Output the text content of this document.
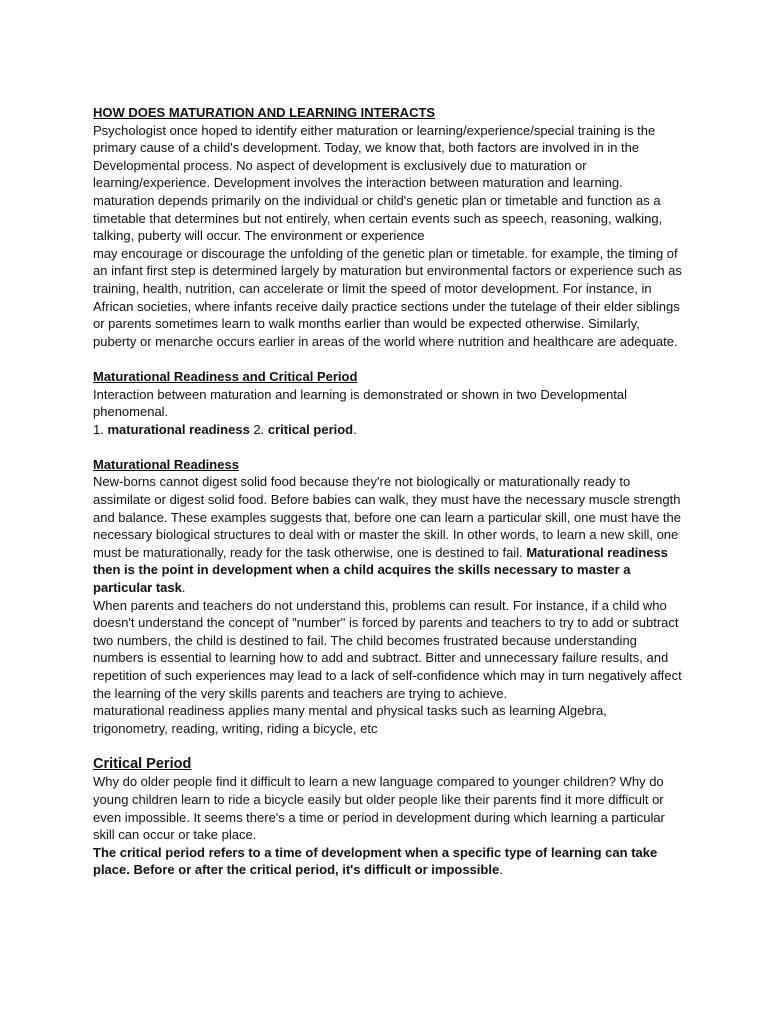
HOW DOES MATURATION AND LEARNING INTERACTS

Psychologist once hoped to identify either maturation or learning/experience/special training is the primary cause of a child's development. Today, we know that, both factors are involved in in the Developmental process. No aspect of development is exclusively due to maturation or learning/experience. Development involves the interaction between maturation and learning.

maturation depends primarily on the individual or child's genetic plan or timetable and function as a timetable that determines but not entirely, when certain events such as speech, reasoning, walking, talking, puberty will occur. The environment or experience

may encourage or discourage the unfolding of the genetic plan or timetable. for example, the timing of an infant first step is determined largely by maturation but environmental factors or experience such as training, health, nutrition, can accelerate or limit the speed of motor development. For instance, in African societies, where infants receive daily practice sections under the tutelage of their elder siblings or parents sometimes learn to walk months earlier than would be expected otherwise. Similarly, puberty or menarche occurs earlier in areas of the world where nutrition and healthcare are adequate.

Maturational Readiness and Critical Period

Interaction between maturation and learning is demonstrated or shown in two Developmental phenomenal.

1. maturational readiness 2. critical period.

Maturational Readiness

New-borns cannot digest solid food because they're not biologically or maturationally ready to assimilate or digest solid food. Before babies can walk, they must have the necessary muscle strength and balance. These examples suggests that, before one can learn a particular skill, one must have the necessary biological structures to deal with or master the skill. In other words, to learn a new skill, one must be maturationally, ready for the task otherwise, one is destined to fail. Maturational readiness then is the point in development when a child acquires the skills necessary to master a particular task.

When parents and teachers do not understand this, problems can result. For instance, if a child who doesn't understand the concept of "number" is forced by parents and teachers to try to add or subtract two numbers, the child is destined to fail. The child becomes frustrated because understanding numbers is essential to learning how to add and subtract. Bitter and unnecessary failure results, and repetition of such experiences may lead to a lack of self-confidence which may in turn negatively affect the learning of the very skills parents and teachers are trying to achieve.

maturational readiness applies many mental and physical tasks such as learning Algebra, trigonometry, reading, writing, riding a bicycle, etc

Critical Period

Why do older people find it difficult to learn a new language compared to younger children? Why do young children learn to ride a bicycle easily but older people like their parents find it more difficult or even impossible. It seems there's a time or period in development during which learning a particular skill can occur or take place.

The critical period refers to a time of development when a specific type of learning can take place. Before or after the critical period, it's difficult or impossible.
